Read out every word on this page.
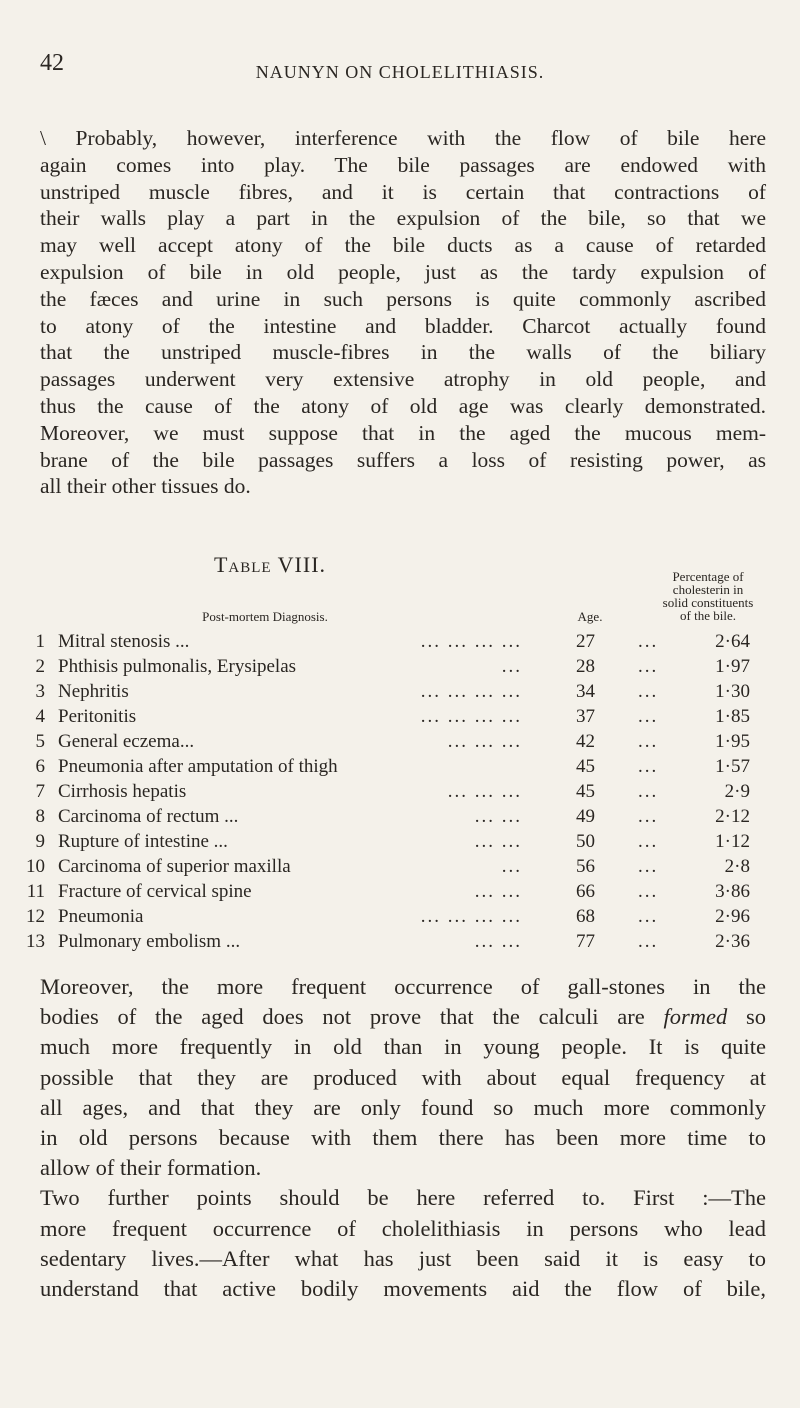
42	NAUNYN ON CHOLELITHIASIS.
\ Probably, however, interference with the flow of bile here
again comes into play. The bile passages are endowed with
unstriped muscle fibres, and it is certain that contractions of
their walls play a part in the expulsion of the bile, so that we
may well accept atony of the bile ducts as a cause of retarded
expulsion of bile in old people, just as the tardy expulsion of
the fæces and urine in such persons is quite commonly ascribed
to atony of the intestine and bladder. Charcot actually found
that the unstriped muscle-fibres in the walls of the biliary
passages underwent very extensive atrophy in old people, and
thus the cause of the atony of old age was clearly demonstrated.
Moreover, we must suppose that in the aged the mucous mem-
brane of the bile passages suffers a loss of resisting power, as
all their other tissues do.
Table VIII.
Post-mortem Diagnosis.	Age.
Percentage of
cholesterin in
solid constituents
of the bile.
1 Mitral stenosis ...	... ... ... ...	27 ...	2·64
2 Phthisis pulmonalis, Erysipelas	...	28 ...	1·97
3 Nephritis	... ... ... ...	34 ...	1·30
4 Peritonitis	... ... ... ...	37 ...	1·85
5 General eczema...	... ... ...	42 ...	1·95
6 Pneumonia after amputation of thigh	45 ...	1·57
7 Cirrhosis hepatis	... ... ...	45 ...	2·9
8 Carcinoma of rectum ...	... ...	49 ...	2·12
9 Rupture of intestine ...	... ...	50 ...	1·12
10 Carcinoma of superior maxilla	...	56 ...	2·8
11 Fracture of cervical spine	... ...	66 ...	3·86
12 Pneumonia	... ... ... ...	68 ...	2·96
13 Pulmonary embolism ...	... ...	77 ...	2·36
Moreover, the more frequent occurrence of gall-stones in the
bodies of the aged does not prove that the calculi are formed so
much more frequently in old than in young people. It is quite
possible that they are produced with about equal frequency at
all ages, and that they are only found so much more commonly
in old persons because with them there has been more time to
allow of their formation.
Two further points should be here referred to. First :—The
more frequent occurrence of cholelithiasis in persons who lead
sedentary lives.—After what has just been said it is easy to
understand that active bodily movements aid the flow of bile,
